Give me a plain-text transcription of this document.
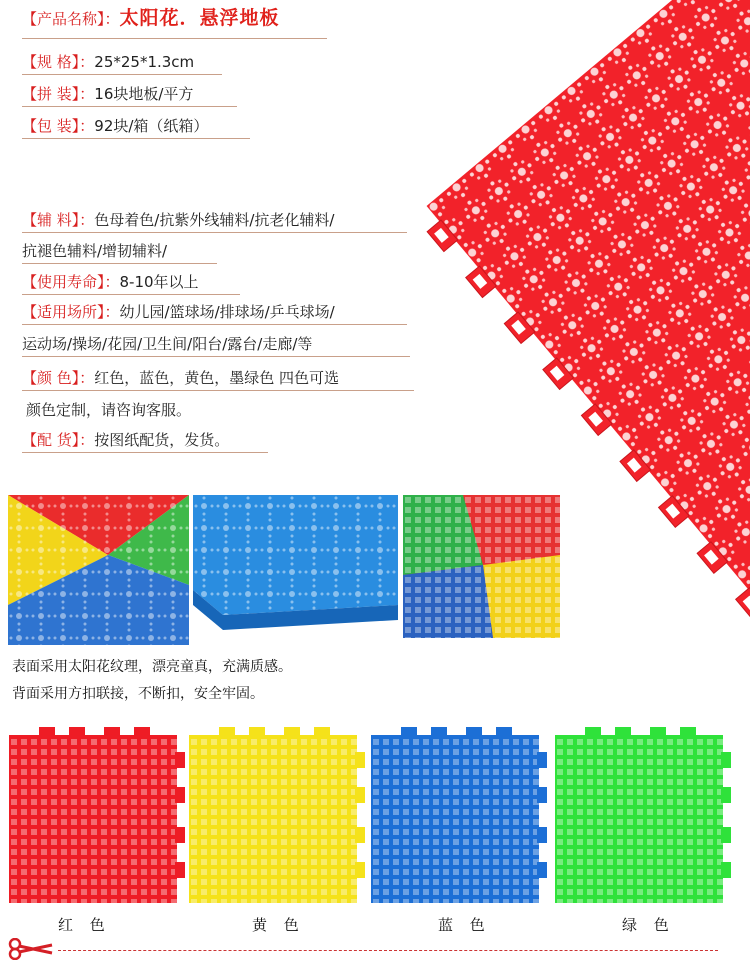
【产品名称】：太阳花．悬浮地板
【规 格】：25*25*1.3cm
【拼 装】：16块地板/平方
【包 装】：92块/箱（纸箱）
【辅 料】：色母着色/抗紫外线辅料/抗老化辅料/
抗褪色辅料/增韧辅料/
【使用寿命】：8-10年以上
【适用场所】：幼儿园/篮球场/排球场/乒乓球场/
运动场/操场/花园/卫生间/阳台/露台/走廊/等
【颜 色】：红色，蓝色，黄色，墨绿色 四色可选
颜色定制，请咨询客服。
【配 货】：按图纸配货，发货。
表面采用太阳花纹理，漂亮童真，充满质感。
背面采用方扣联接，不断扣，安全牢固。
红 色	黄 色	蓝 色	绿 色
